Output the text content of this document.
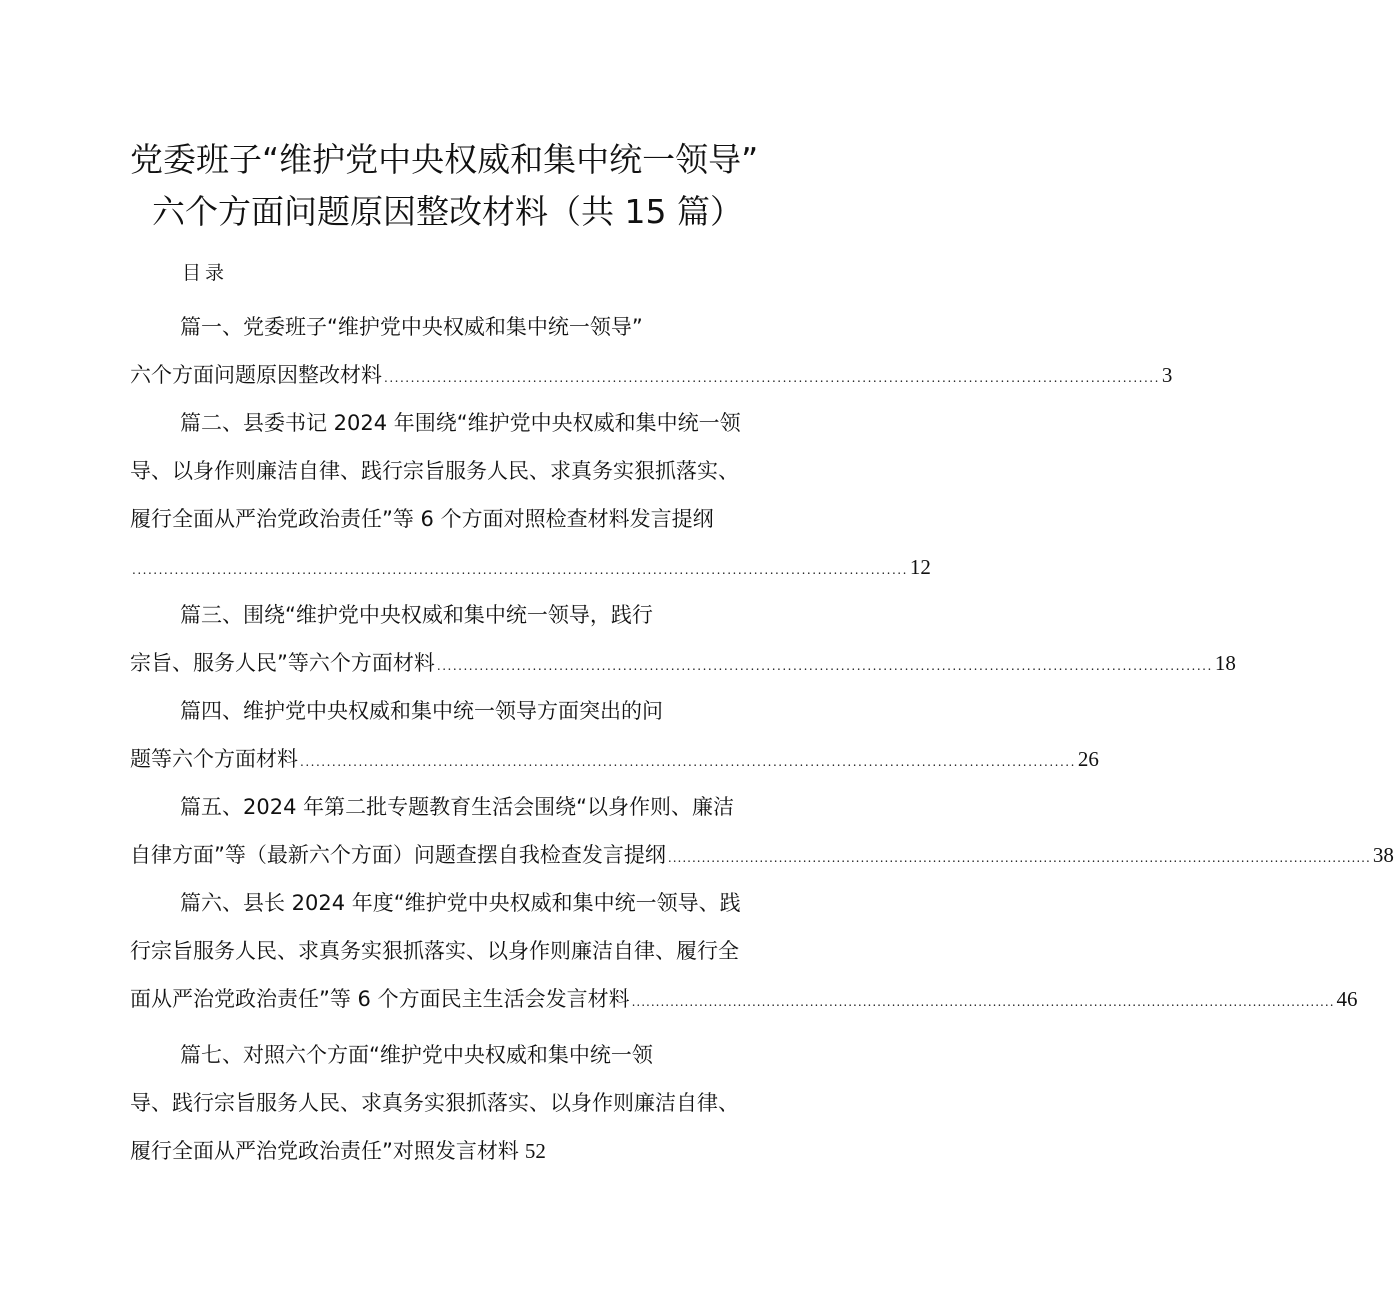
党委班子“维护党中央权威和集中统一领导”
六个方面问题原因整改材料（共 15 篇）
目录
篇一、党委班子“维护党中央权威和集中统一领导”
六个方面问题原因整改材料 .................................................................................................................................................. 3
篇二、县委书记 2024 年围绕“维护党中央权威和集中统一领
导、以身作则廉洁自律、践行宗旨服务人民、求真务实狠抓落实、
履行全面从严治党政治责任”等 6 个方面对照检查材料发言提纲
.................................................................................................................................................. 12
篇三、围绕“维护党中央权威和集中统一领导，践行
宗旨、服务人民”等六个方面材料 .................................................................................................................................................. 18
篇四、维护党中央权威和集中统一领导方面突出的问
题等六个方面材料 .................................................................................................................................................. 26
篇五、2024 年第二批专题教育生活会围绕“以身作则、廉洁
自律方面”等（最新六个方面）问题查摆自我检查发言提纲 .................................................................................................................................................. 38
篇六、县长 2024 年度“维护党中央权威和集中统一领导、践
行宗旨服务人民、求真务实狠抓落实、以身作则廉洁自律、履行全
面从严治党政治责任”等 6 个方面民主生活会发言材料 .................................................................................................................................................. 46
篇七、对照六个方面“维护党中央权威和集中统一领
导、践行宗旨服务人民、求真务实狠抓落实、以身作则廉洁自律、
履行全面从严治党政治责任”对照发言材料 52
